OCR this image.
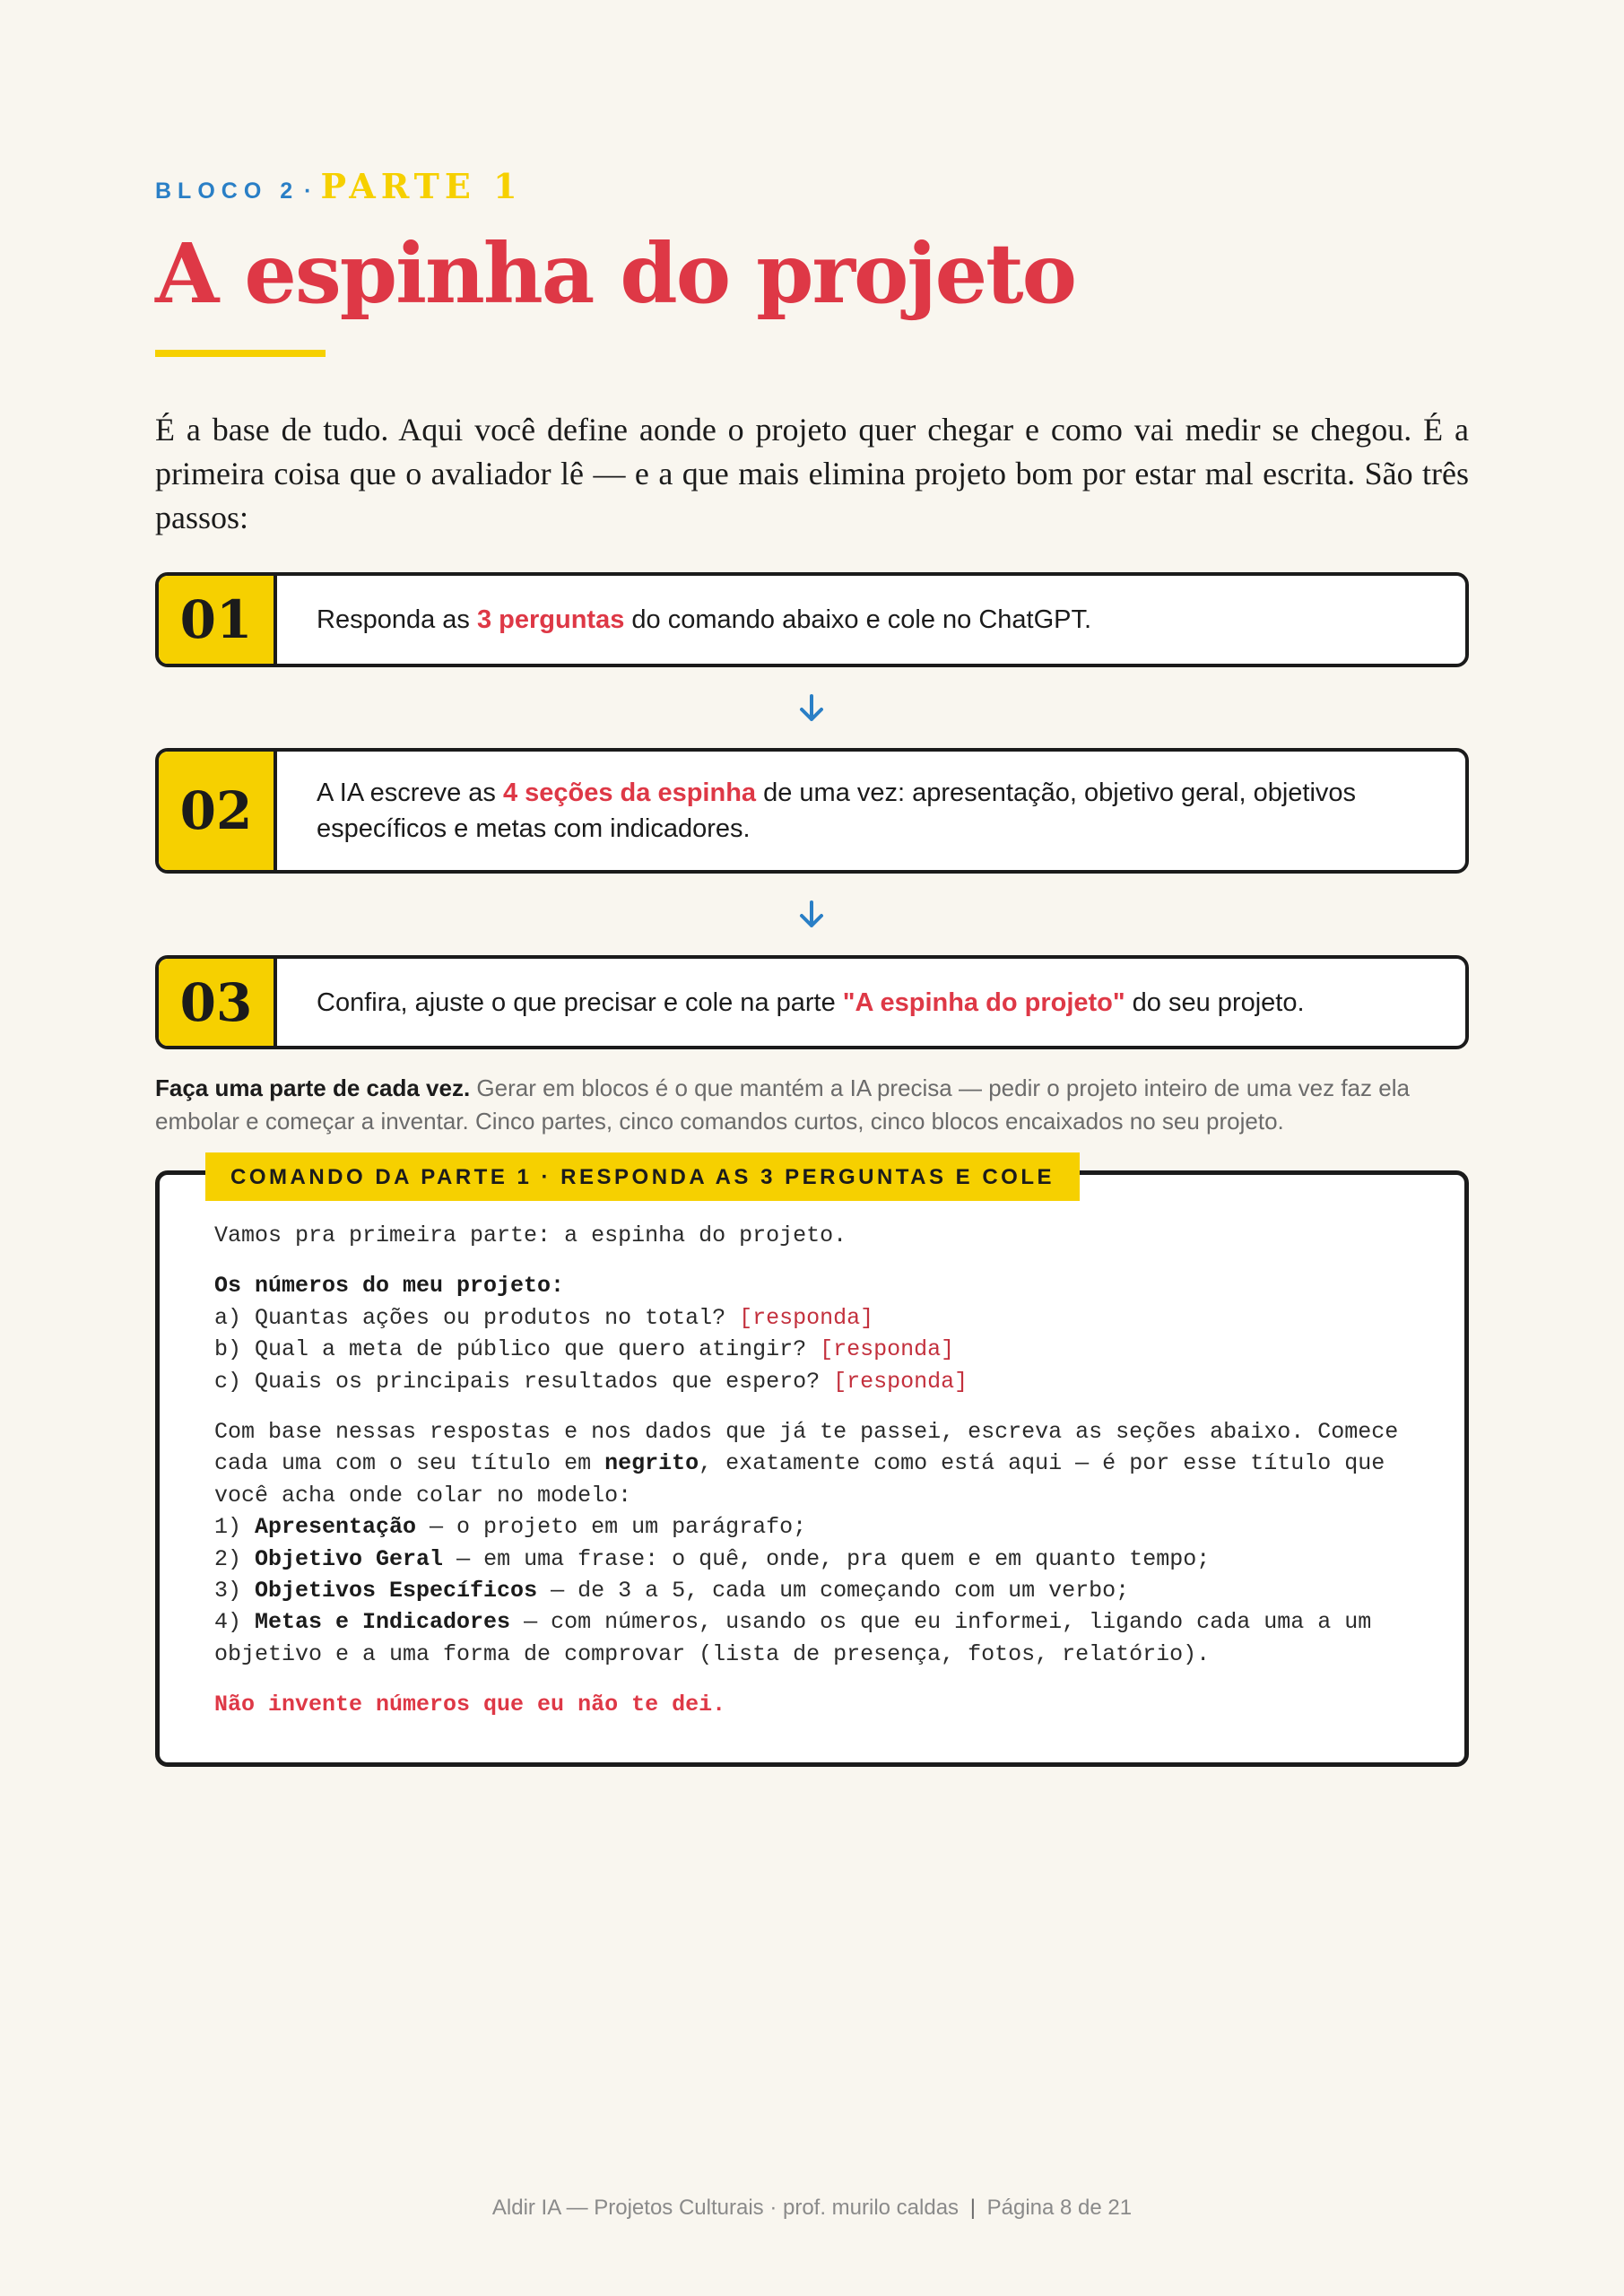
BLOCO 2 · PARTE 1
A espinha do projeto

É a base de tudo. Aqui você define aonde o projeto quer chegar e como vai medir se chegou. É a primeira coisa que o avaliador lê — e a que mais elimina projeto bom por estar mal escrita. São três passos:

01	Responda as 3 perguntas do comando abaixo e cole no ChatGPT.
02	A IA escreve as 4 seções da espinha de uma vez: apresentação, objetivo geral, objetivos específicos e metas com indicadores.
03	Confira, ajuste o que precisar e cole na parte "A espinha do projeto" do seu projeto.

Faça uma parte de cada vez. Gerar em blocos é o que mantém a IA precisa — pedir o projeto inteiro de uma vez faz ela embolar e começar a inventar. Cinco partes, cinco comandos curtos, cinco blocos encaixados no seu projeto.

COMANDO DA PARTE 1 · RESPONDA AS 3 PERGUNTAS E COLE

Vamos pra primeira parte: a espinha do projeto.

Os números do meu projeto:

a) Quantas ações ou produtos no total? [responda]

b) Qual a meta de público que quero atingir? [responda]

c) Quais os principais resultados que espero? [responda]

Com base nessas respostas e nos dados que já te passei, escreva as seções abaixo. Comece cada uma com o seu título em negrito, exatamente como está aqui — é por esse título que você acha onde colar no modelo:

1) Apresentação — o projeto em um parágrafo;

2) Objetivo Geral — em uma frase: o quê, onde, pra quem e em quanto tempo;

3) Objetivos Específicos — de 3 a 5, cada um começando com um verbo;

4) Metas e Indicadores — com números, usando os que eu informei, ligando cada uma a um objetivo e a uma forma de comprovar (lista de presença, fotos, relatório).

Não invente números que eu não te dei.

Aldir IA — Projetos Culturais · prof. murilo caldas | Página 8 de 21
